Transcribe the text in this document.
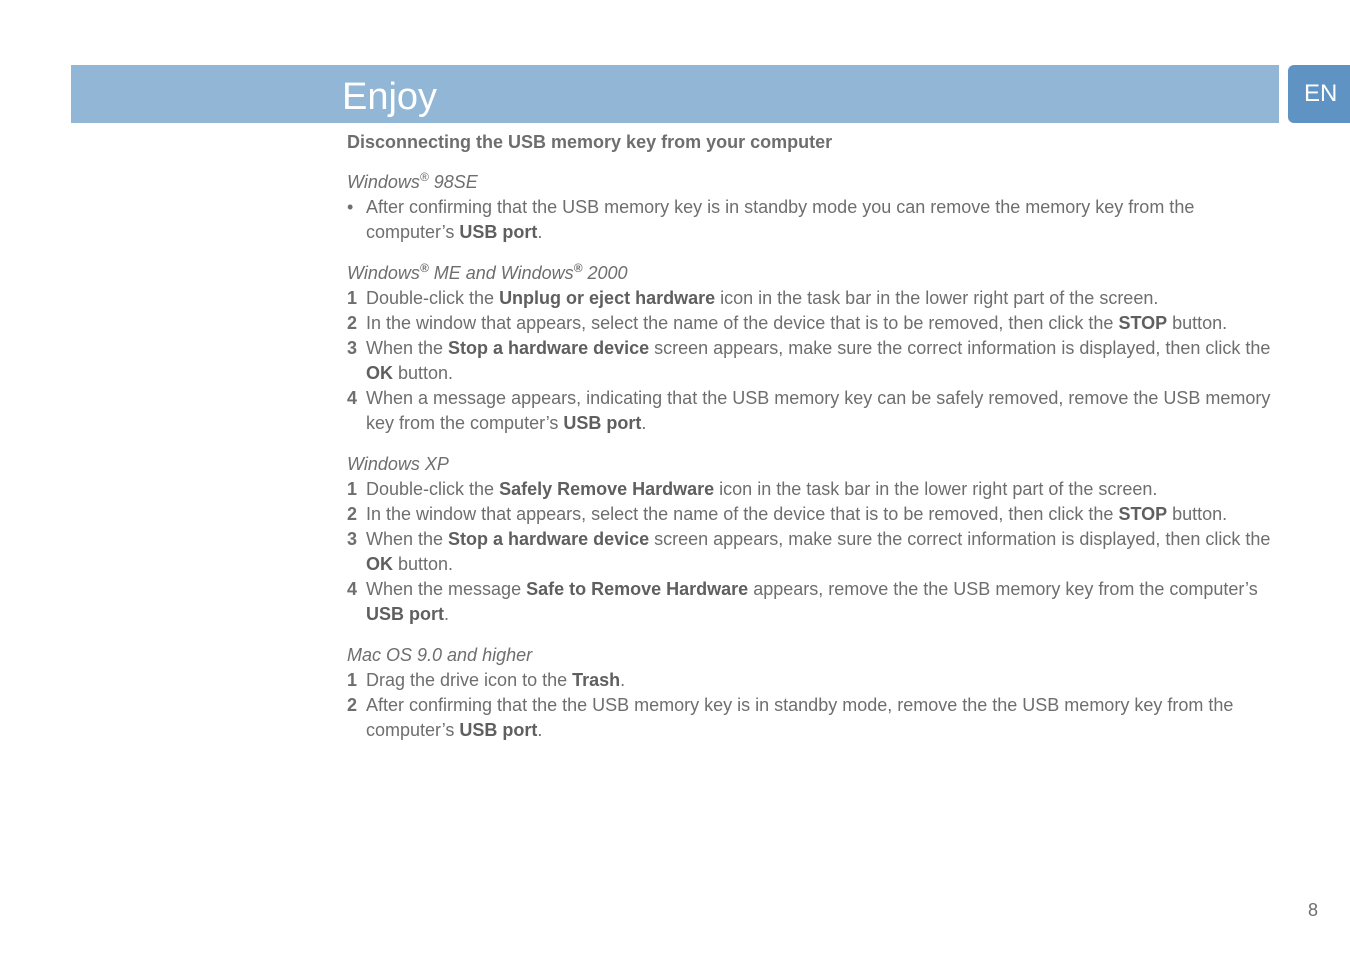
Enjoy	EN
Disconnecting the USB memory key from your computer
Windows® 98SE
• After confirming that the USB memory key is in standby mode you can remove the memory key from the computer’s USB port.
Windows® ME and Windows® 2000
1 Double-click the Unplug or eject hardware icon in the task bar in the lower right part of the screen.
2 In the window that appears, select the name of the device that is to be removed, then click the STOP button.
3 When the Stop a hardware device screen appears, make sure the correct information is displayed, then click the OK button.
4 When a message appears, indicating that the USB memory key can be safely removed, remove the USB memory key from the computer’s USB port.
Windows XP
1 Double-click the Safely Remove Hardware icon in the task bar in the lower right part of the screen.
2 In the window that appears, select the name of the device that is to be removed, then click the STOP button.
3 When the Stop a hardware device screen appears, make sure the correct information is displayed, then click the OK button.
4 When the message Safe to Remove Hardware appears, remove the the USB memory key from the computer’s USB port.
Mac OS 9.0 and higher
1 Drag the drive icon to the Trash.
2 After confirming that the the USB memory key is in standby mode, remove the the USB memory key from the computer’s USB port.
8
